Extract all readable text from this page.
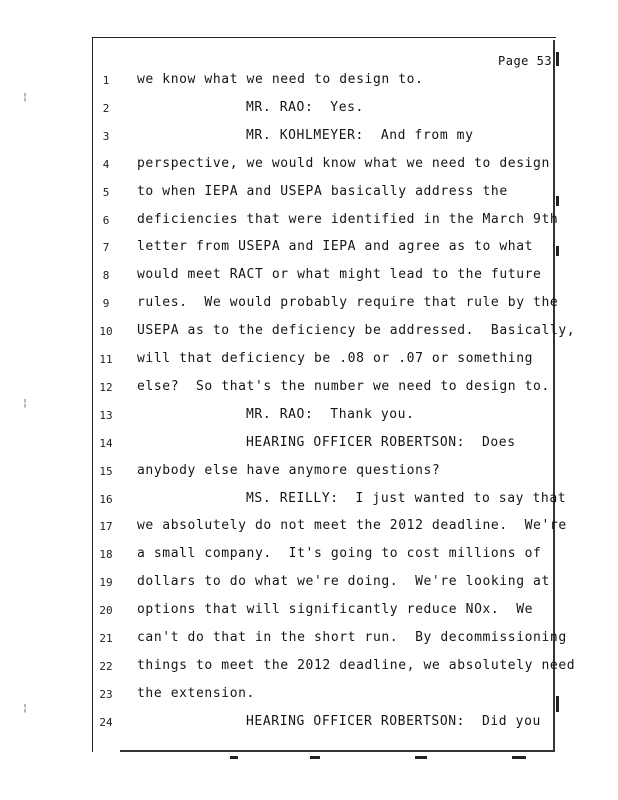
Page 53
1	we know what we need to design to.
2	MR. RAO:  Yes.
3	MR. KOHLMEYER:  And from my
4	perspective, we would know what we need to design
5	to when IEPA and USEPA basically address the
6	deficiencies that were identified in the March 9th
7	letter from USEPA and IEPA and agree as to what
8	would meet RACT or what might lead to the future
9	rules.  We would probably require that rule by the
10 USEPA as to the deficiency be addressed.  Basically,
11 will that deficiency be .08 or .07 or something
12 else?  So that's the number we need to design to.
13	MR. RAO:  Thank you.
14	HEARING OFFICER ROBERTSON:  Does
15 anybody else have anymore questions?
16	MS. REILLY:  I just wanted to say that
17 we absolutely do not meet the 2012 deadline.  We're
18 a small company.  It's going to cost millions of
19 dollars to do what we're doing.  We're looking at
20 options that will significantly reduce NOx.  We
21 can't do that in the short run.  By decommissioning
22 things to meet the 2012 deadline, we absolutely need
23 the extension.
24	HEARING OFFICER ROBERTSON:  Did you
¦
¦
¦
